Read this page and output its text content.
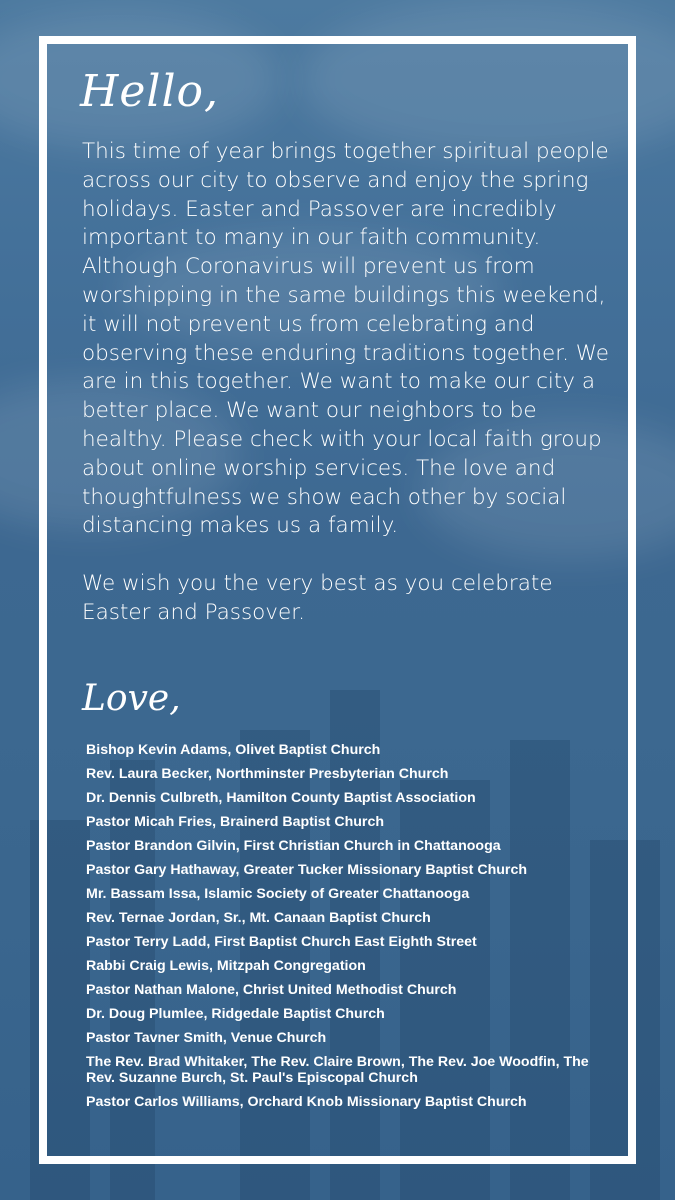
Hello,

This time of year brings together spiritual people across our city to observe and enjoy the spring holidays. Easter and Passover are incredibly important to many in our faith community. Although Coronavirus will prevent us from worshipping in the same buildings this weekend, it will not prevent us from celebrating and observing these enduring traditions together. We are in this together. We want to make our city a better place. We want our neighbors to be healthy. Please check with your local faith group about online worship services. The love and thoughtfulness we show each other by social distancing makes us a family.

We wish you the very best as you celebrate Easter and Passover.

Love,
Bishop Kevin Adams, Olivet Baptist Church
Rev. Laura Becker, Northminster Presbyterian Church
Dr. Dennis Culbreth, Hamilton County Baptist Association
Pastor Micah Fries, Brainerd Baptist Church
Pastor Brandon Gilvin, First Christian Church in Chattanooga
Pastor Gary Hathaway, Greater Tucker Missionary Baptist Church
Mr. Bassam Issa, Islamic Society of Greater Chattanooga
Rev. Ternae Jordan, Sr., Mt. Canaan Baptist Church
Pastor Terry Ladd, First Baptist Church East Eighth Street
Rabbi Craig Lewis, Mitzpah Congregation
Pastor Nathan Malone, Christ United Methodist Church
Dr. Doug Plumlee, Ridgedale Baptist Church
Pastor Tavner Smith, Venue Church
The Rev. Brad Whitaker, The Rev. Claire Brown, The Rev. Joe Woodfin, The Rev. Suzanne Burch, St. Paul's Episcopal Church
Pastor Carlos Williams, Orchard Knob Missionary Baptist Church
